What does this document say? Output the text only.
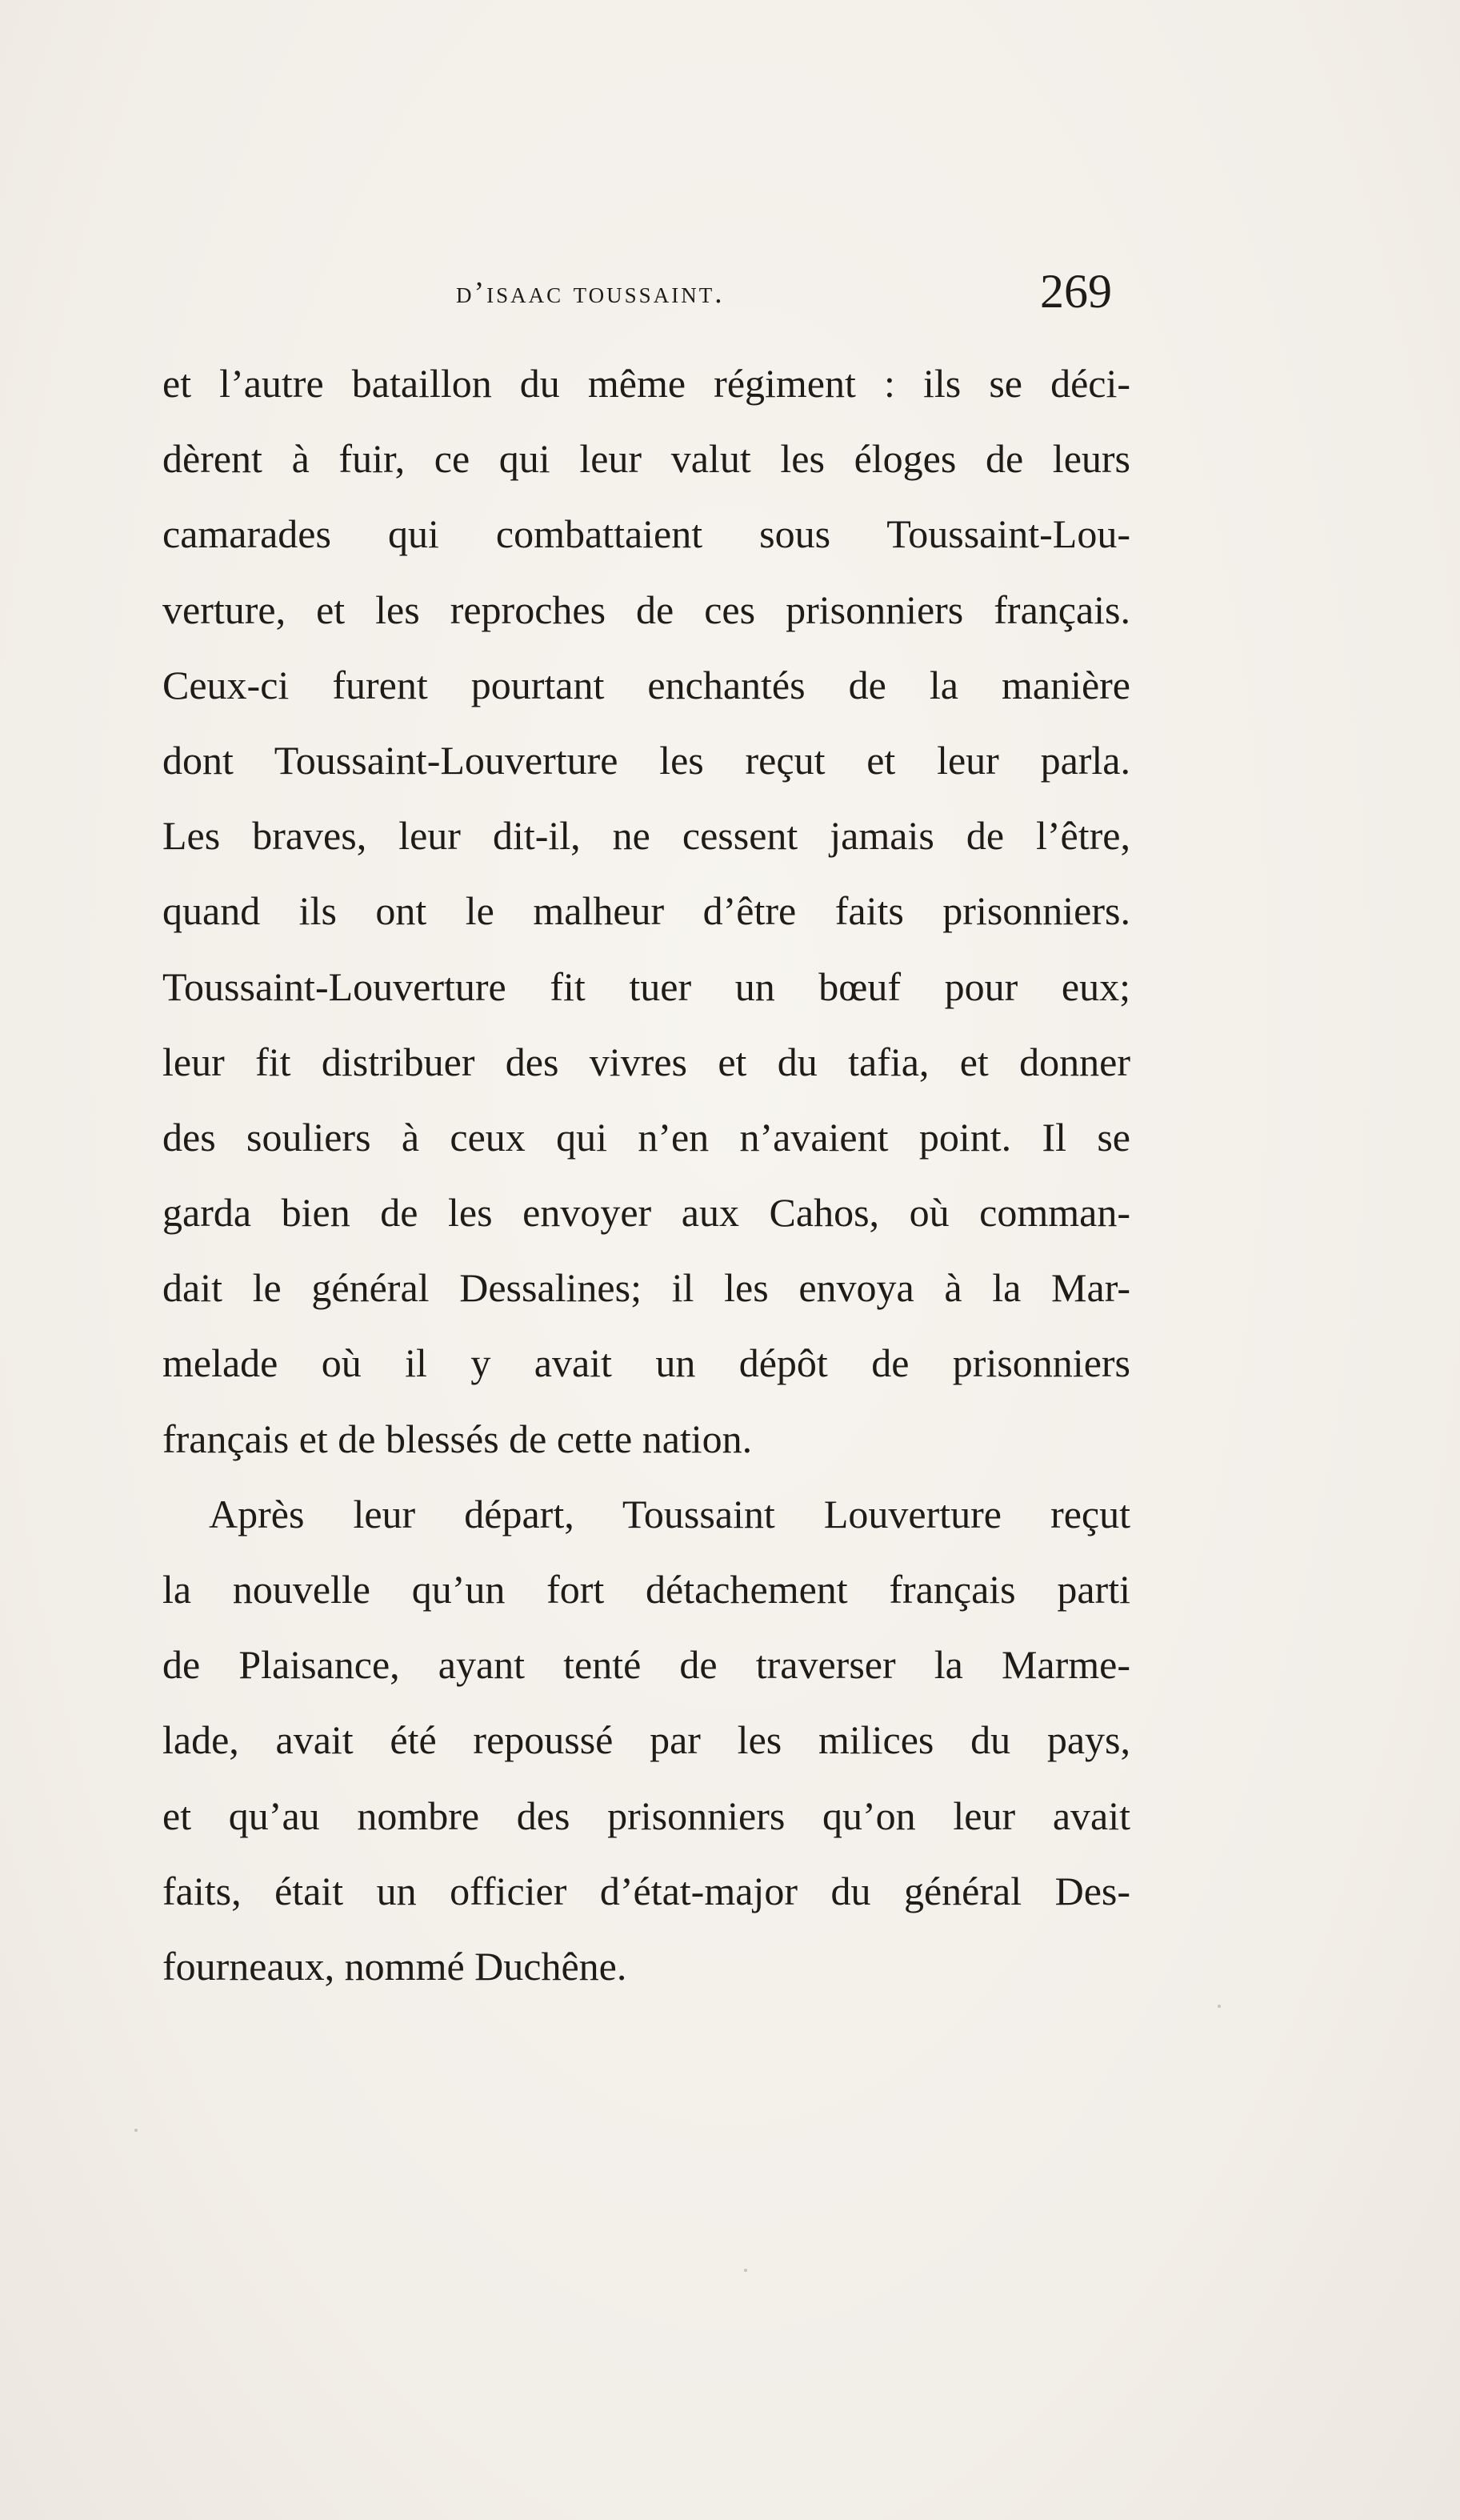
d’isaac toussaint.	269
et l’autre bataillon du même régiment : ils se déci-
dèrent à fuir, ce qui leur valut les éloges de leurs
camarades qui combattaient sous Toussaint-Lou-
verture, et les reproches de ces prisonniers français.
Ceux-ci furent pourtant enchantés de la manière
dont Toussaint-Louverture les reçut et leur parla.
Les braves, leur dit-il, ne cessent jamais de l’être,
quand ils ont le malheur d’être faits prisonniers.
Toussaint-Louverture fit tuer un bœuf pour eux;
leur fit distribuer des vivres et du tafia, et donner
des souliers à ceux qui n’en n’avaient point. Il se
garda bien de les envoyer aux Cahos, où comman-
dait le général Dessalines; il les envoya à la Mar-
melade où il y avait un dépôt de prisonniers
français et de blessés de cette nation.
Après leur départ, Toussaint Louverture reçut
la nouvelle qu’un fort détachement français parti
de Plaisance, ayant tenté de traverser la Marme-
lade, avait été repoussé par les milices du pays,
et qu’au nombre des prisonniers qu’on leur avait
faits, était un officier d’état-major du général Des-
fourneaux, nommé Duchêne.
